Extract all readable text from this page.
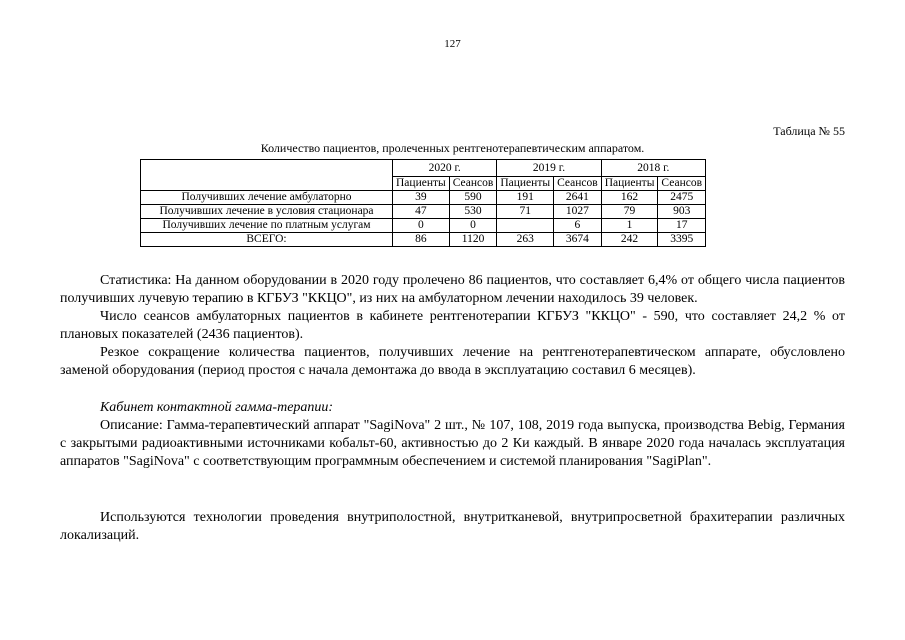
127
Таблица № 55
Количество пациентов, пролеченных рентгенотерапевтическим аппаратом.
	2020 г.		2019 г.		2018 г.	
	Пациенты	Сеансов	Пациенты	Сеансов	Пациенты	Сеансов
Получивших лечение амбулаторно	39	590	191	2641	162	2475
Получивших лечение в условия стационара	47	530	71	1027	79	903
Получивших лечение по платным услугам	0	0		6	1	17
ВСЕГО:	86	1120	263	3674	242	3395

Статистика: На данном оборудовании в 2020 году пролечено 86 пациентов, что составляет 6,4% от общего числа пациентов получивших лучевую терапию в КГБУЗ "ККЦО", из них на амбулаторном лечении находилось 39 человек.

Число сеансов амбулаторных пациентов в кабинете рентгенотерапии КГБУЗ "ККЦО" - 590, что составляет 24,2 % от плановых показателей (2436 пациентов).

Резкое сокращение количества пациентов, получивших лечение на рентгенотерапевтическом аппарате, обусловлено заменой оборудования (период простоя с начала демонтажа до ввода в эксплуатацию составил 6 месяцев).

Кабинет контактной гамма-терапии:

Описание: Гамма-терапевтический аппарат "SagiNova" 2 шт., № 107, 108, 2019 года выпуска, производства Bebig, Германия с закрытыми радиоактивными источниками кобальт-60, активностью до 2 Ки каждый. В январе 2020 года началась эксплуатация аппаратов "SagiNova" с соответствующим программным обеспечением и системой планирования "SagiPlan".

Используются технологии проведения внутриполостной, внутритканевой, внутрипросветной брахитерапии различных локализаций.
